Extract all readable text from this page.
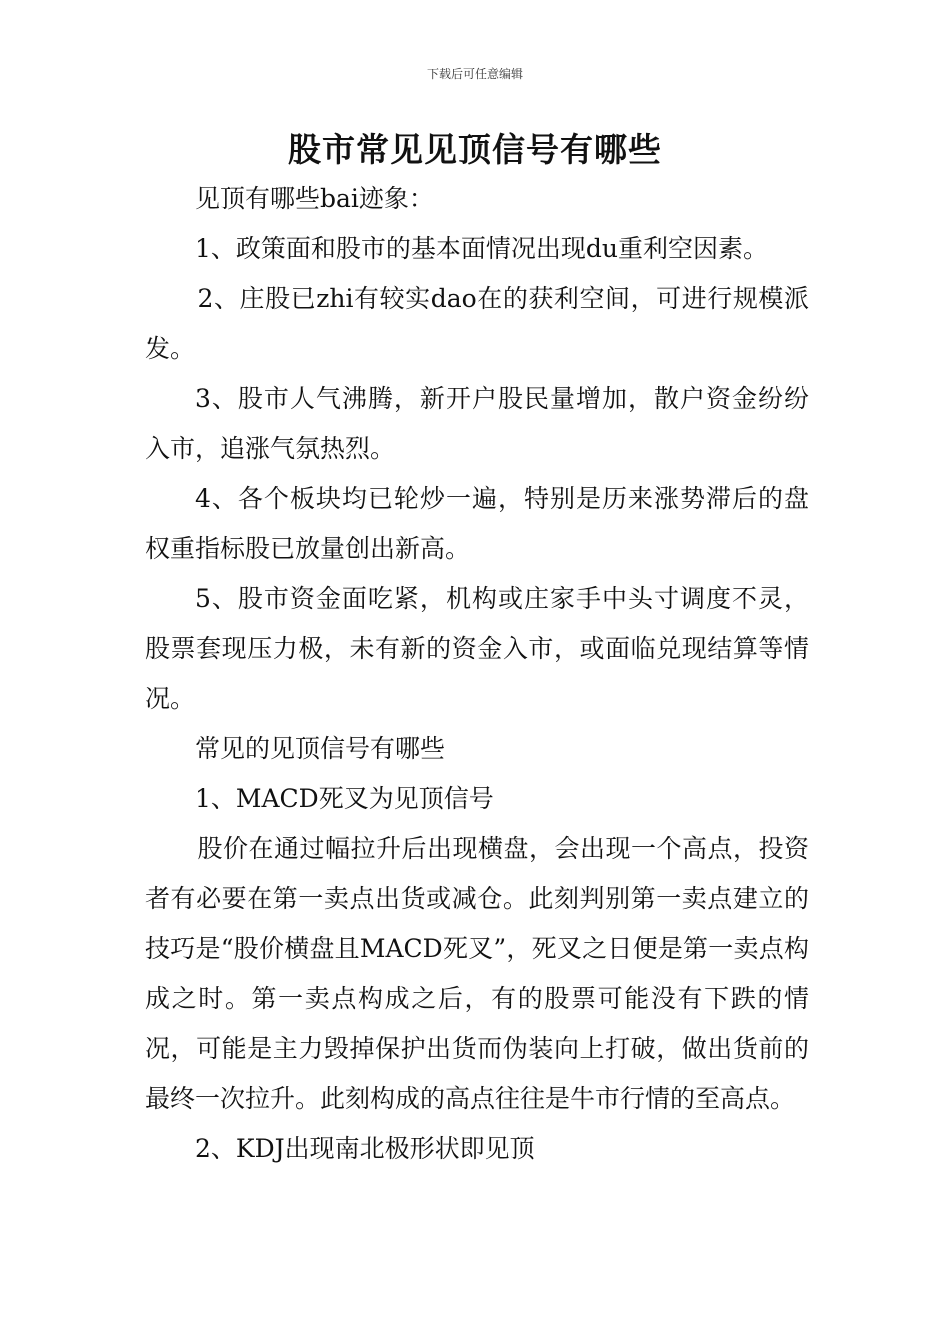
下载后可任意编辑
股市常见见顶信号有哪些

见顶有哪些bai迹象：

1、政策面和股市的基本面情况出现du重利空因素。

2、庄股已zhi有较实dao在的获利空间，可进行规模派发。

3、股市人气沸腾，新开户股民量增加，散户资金纷纷入市，追涨气氛热烈。

4、各个板块均已轮炒一遍，特别是历来涨势滞后的盘权重指标股已放量创出新高。

5、股市资金面吃紧，机构或庄家手中头寸调度不灵，股票套现压力极，未有新的资金入市，或面临兑现结算等情况。

常见的见顶信号有哪些

1、MACD死叉为见顶信号

股价在通过幅拉升后出现横盘，会出现一个高点，投资者有必要在第一卖点出货或减仓。此刻判别第一卖点建立的技巧是“股价横盘且MACD死叉”，死叉之日便是第一卖点构成之时。第一卖点构成之后，有的股票可能没有下跌的情况，可能是主力毁掉保护出货而伪装向上打破，做出货前的最终一次拉升。此刻构成的高点往往是牛市行情的至高点。

2、KDJ出现南北极形状即见顶
